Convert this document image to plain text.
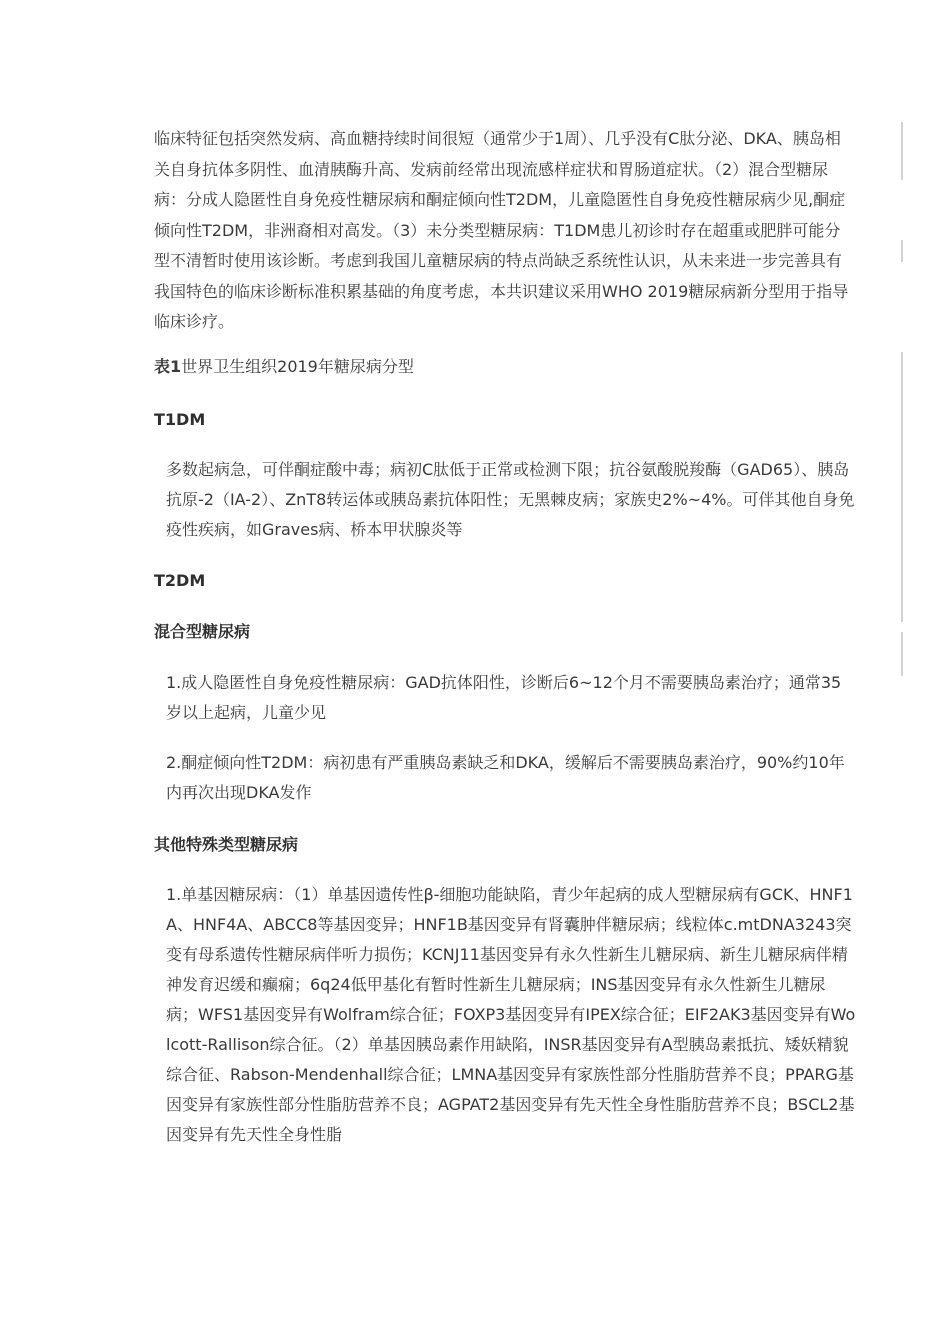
临床特征包括突然发病、高血糖持续时间很短（通常少于1周）、几乎没有C肽分泌、DKA、胰岛相关自身抗体多阴性、血清胰酶升高、发病前经常出现流感样症状和胃肠道症状。（2）混合型糖尿病：分成人隐匿性自身免疫性糖尿病和酮症倾向性T2DM，儿童隐匿性自身免疫性糖尿病少见,酮症倾向性T2DM，非洲裔相对高发。（3）未分类型糖尿病：T1DM患儿初诊时存在超重或肥胖可能分型不清暂时使用该诊断。考虑到我国儿童糖尿病的特点尚缺乏系统性认识，从未来进一步完善具有我国特色的临床诊断标准积累基础的角度考虑，本共识建议采用WHO 2019糖尿病新分型用于指导临床诊疗。

表1世界卫生组织2019年糖尿病分型

T1DM

多数起病急，可伴酮症酸中毒；病初C肽低于正常或检测下限；抗谷氨酸脱羧酶（GAD65）、胰岛抗原-2（IA-2）、ZnT8转运体或胰岛素抗体阳性；无黑棘皮病；家族史2%~4%。可伴其他自身免疫性疾病，如Graves病、桥本甲状腺炎等

T2DM

混合型糖尿病

1.成人隐匿性自身免疫性糖尿病：GAD抗体阳性，诊断后6~12个月不需要胰岛素治疗；通常35岁以上起病，儿童少见

2.酮症倾向性T2DM：病初患有严重胰岛素缺乏和DKA，缓解后不需要胰岛素治疗，90%约10年内再次出现DKA发作

其他特殊类型糖尿病

1.单基因糖尿病：（1）单基因遗传性β-细胞功能缺陷，青少年起病的成人型糖尿病有GCK、HNF1A、HNF4A、ABCC8等基因变异；HNF1B基因变异有肾囊肿伴糖尿病；线粒体c.mtDNA3243突变有母系遗传性糖尿病伴听力损伤；KCNJ11基因变异有永久性新生儿糖尿病、新生儿糖尿病伴精神发育迟缓和癫痫；6q24低甲基化有暂时性新生儿糖尿病；INS基因变异有永久性新生儿糖尿病；WFS1基因变异有Wolfram综合征；FOXP3基因变异有IPEX综合征；EIF2AK3基因变异有Wolcott-Rallison综合征。（2）单基因胰岛素作用缺陷，INSR基因变异有A型胰岛素抵抗、矮妖精貌综合征、Rabson-Mendenhall综合征；LMNA基因变异有家族性部分性脂肪营养不良；PPARG基因变异有家族性部分性脂肪营养不良；AGPAT2基因变异有先天性全身性脂肪营养不良；BSCL2基因变异有先天性全身性脂
